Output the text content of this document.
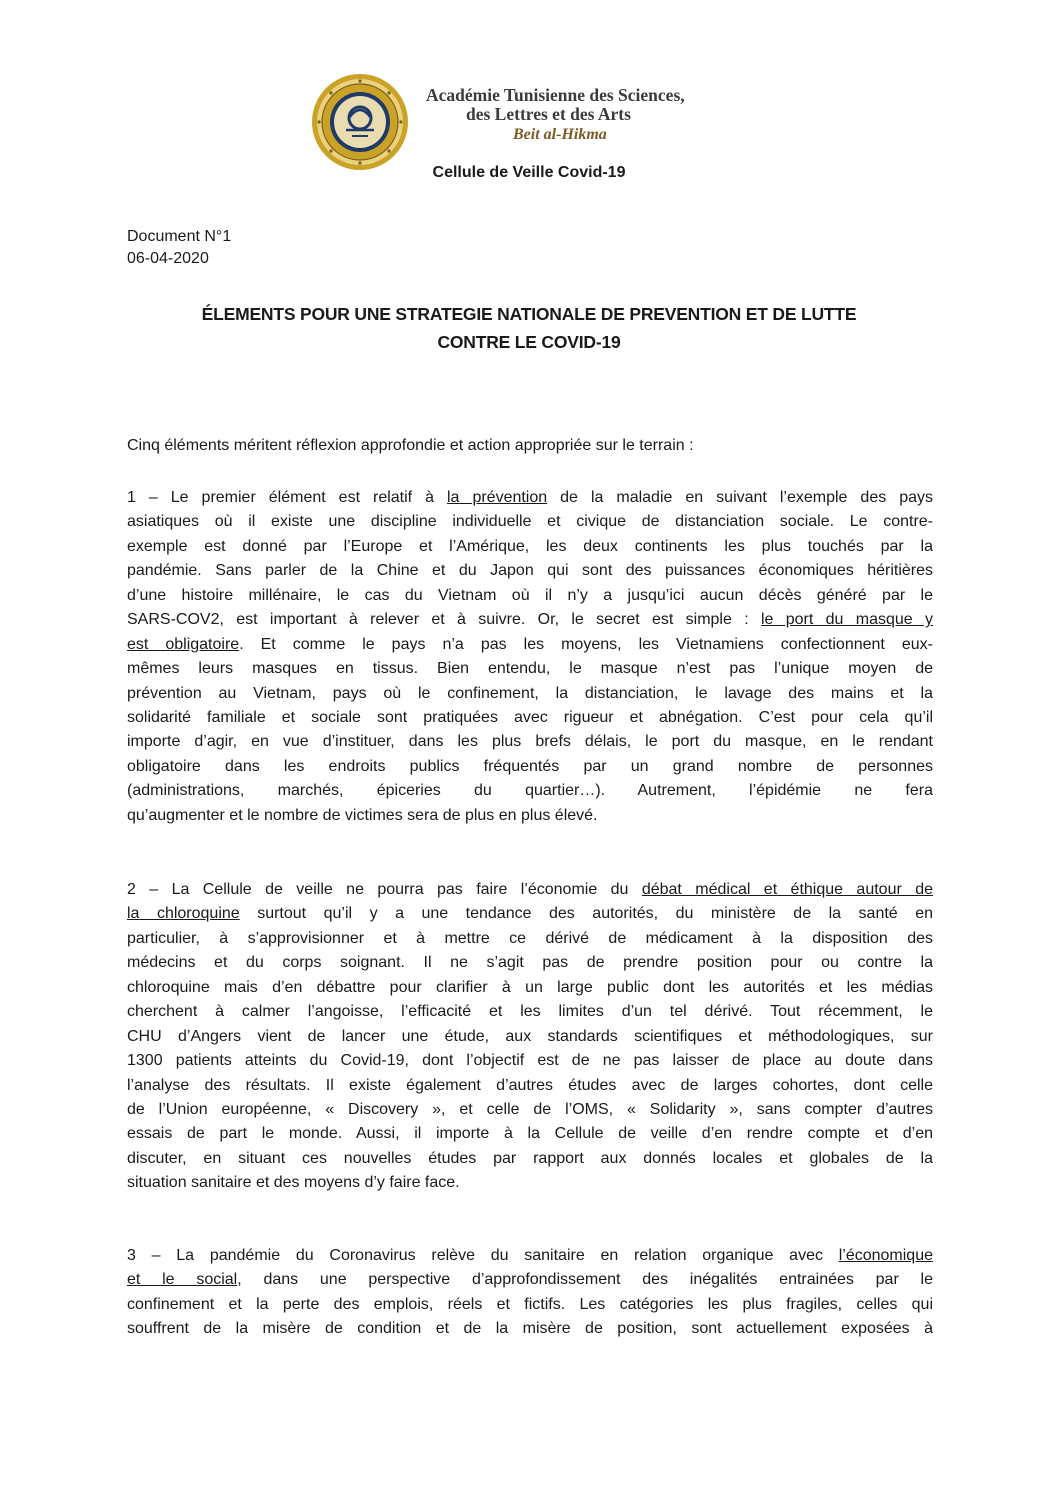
Académie Tunisienne des Sciences,
des Lettres et des Arts
Beit al-Hikma
Cellule de Veille Covid-19
Document N°1
06-04-2020
ÉLEMENTS POUR UNE STRATEGIE NATIONALE DE PREVENTION ET DE LUTTE
CONTRE LE COVID-19
Cinq éléments méritent réflexion approfondie et action appropriée sur le terrain :
1 – Le premier élément est relatif à la prévention de la maladie en suivant l’exemple des pays
asiatiques où il existe une discipline individuelle et civique de distanciation sociale. Le contre-
exemple est donné par l’Europe et l’Amérique, les deux continents les plus touchés par la
pandémie. Sans parler de la Chine et du Japon qui sont des puissances économiques héritières
d’une histoire millénaire, le cas du Vietnam où il n’y a jusqu’ici aucun décès généré par le
SARS-COV2, est important à relever et à suivre. Or, le secret est simple : le port du masque y
est obligatoire. Et comme le pays n’a pas les moyens, les Vietnamiens confectionnent eux-
mêmes leurs masques en tissus. Bien entendu, le masque n’est pas l’unique moyen de
prévention au Vietnam, pays où le confinement, la distanciation, le lavage des mains et la
solidarité familiale et sociale sont pratiquées avec rigueur et abnégation. C’est pour cela qu’il
importe d’agir, en vue d’instituer, dans les plus brefs délais, le port du masque, en le rendant
obligatoire dans les endroits publics fréquentés par un grand nombre de personnes
(administrations, marchés, épiceries du quartier…). Autrement, l’épidémie ne fera
qu’augmenter et le nombre de victimes sera de plus en plus élevé.
2 – La Cellule de veille ne pourra pas faire l’économie du débat médical et éthique autour de
la chloroquine surtout qu’il y a une tendance des autorités, du ministère de la santé en
particulier, à s’approvisionner et à mettre ce dérivé de médicament à la disposition des
médecins et du corps soignant. Il ne s’agit pas de prendre position pour ou contre la
chloroquine mais d’en débattre pour clarifier à un large public dont les autorités et les médias
cherchent à calmer l’angoisse, l’efficacité et les limites d’un tel dérivé. Tout récemment, le
CHU d’Angers vient de lancer une étude, aux standards scientifiques et méthodologiques, sur
1300 patients atteints du Covid-19, dont l’objectif est de ne pas laisser de place au doute dans
l’analyse des résultats. Il existe également d’autres études avec de larges cohortes, dont celle
de l’Union européenne, « Discovery », et celle de l’OMS, « Solidarity », sans compter d’autres
essais de part le monde. Aussi, il importe à la Cellule de veille d’en rendre compte et d’en
discuter, en situant ces nouvelles études par rapport aux donnés locales et globales de la
situation sanitaire et des moyens d’y faire face.
3 – La pandémie du Coronavirus relève du sanitaire en relation organique avec l’économique
et le social, dans une perspective d’approfondissement des inégalités entrainées par le
confinement et la perte des emplois, réels et fictifs. Les catégories les plus fragiles, celles qui
souffrent de la misère de condition et de la misère de position, sont actuellement exposées à
